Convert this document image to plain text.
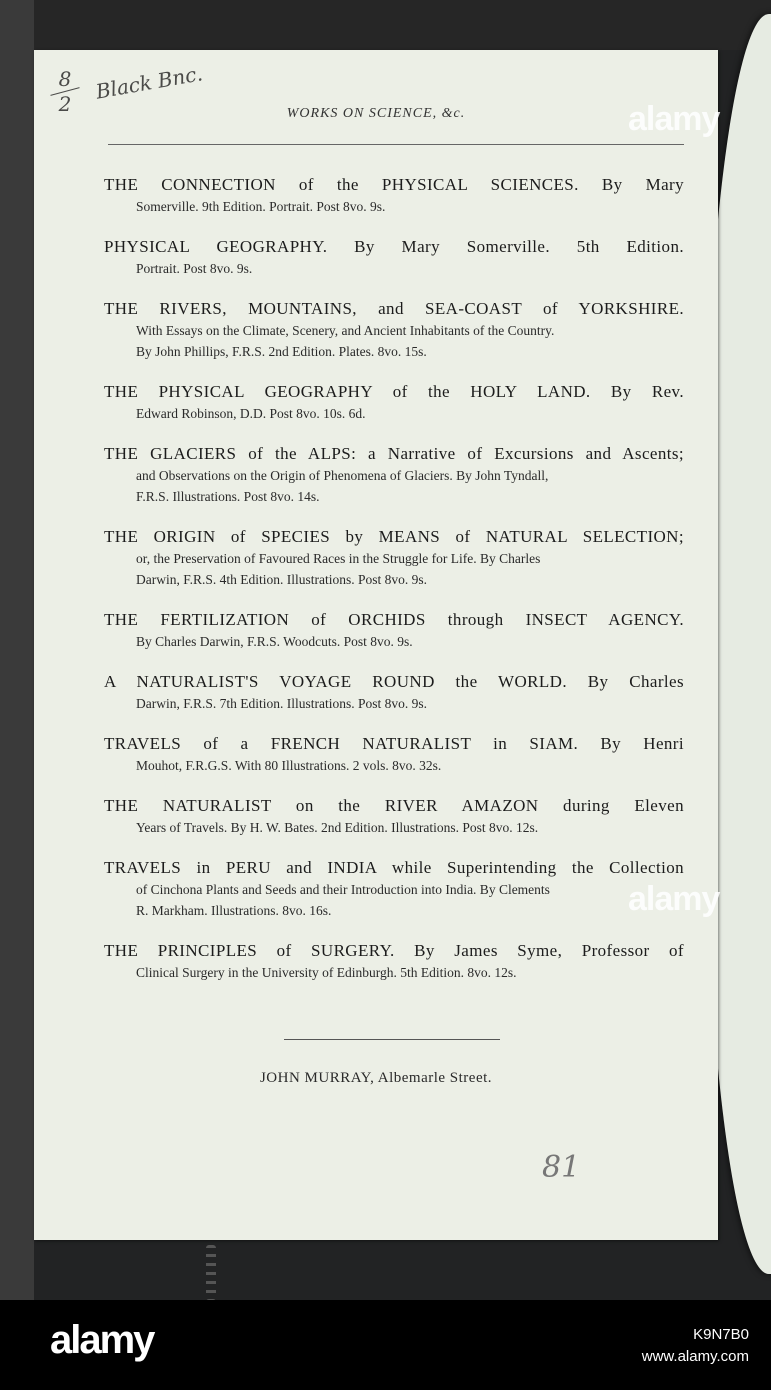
8
2
Black Bnc.
WORKS ON SCIENCE, &c.
THE CONNECTION of the PHYSICAL SCIENCES. By Mary
Somerville. 9th Edition. Portrait. Post 8vo. 9s.
PHYSICAL GEOGRAPHY. By Mary Somerville. 5th Edition.
Portrait. Post 8vo. 9s.
THE RIVERS, MOUNTAINS, and SEA-COAST of YORKSHIRE.
With Essays on the Climate, Scenery, and Ancient Inhabitants of the Country.
By John Phillips, F.R.S. 2nd Edition. Plates. 8vo. 15s.
THE PHYSICAL GEOGRAPHY of the HOLY LAND. By Rev.
Edward Robinson, D.D. Post 8vo. 10s. 6d.
THE GLACIERS of the ALPS: a Narrative of Excursions and Ascents;
and Observations on the Origin of Phenomena of Glaciers. By John Tyndall,
F.R.S. Illustrations. Post 8vo. 14s.
THE ORIGIN of SPECIES by MEANS of NATURAL SELECTION;
or, the Preservation of Favoured Races in the Struggle for Life. By Charles
Darwin, F.R.S. 4th Edition. Illustrations. Post 8vo. 9s.
THE FERTILIZATION of ORCHIDS through INSECT AGENCY.
By Charles Darwin, F.R.S. Woodcuts. Post 8vo. 9s.
A NATURALIST'S VOYAGE ROUND the WORLD. By Charles
Darwin, F.R.S. 7th Edition. Illustrations. Post 8vo. 9s.
TRAVELS of a FRENCH NATURALIST in SIAM. By Henri
Mouhot, F.R.G.S. With 80 Illustrations. 2 vols. 8vo. 32s.
THE NATURALIST on the RIVER AMAZON during Eleven
Years of Travels. By H. W. Bates. 2nd Edition. Illustrations. Post 8vo. 12s.
TRAVELS in PERU and INDIA while Superintending the Collection
of Cinchona Plants and Seeds and their Introduction into India. By Clements
R. Markham. Illustrations. 8vo. 16s.
THE PRINCIPLES of SURGERY. By James Syme, Professor of
Clinical Surgery in the University of Edinburgh. 5th Edition. 8vo. 12s.
JOHN MURRAY, Albemarle Street.
81
alamy
alamy
alamy	K9N7B0
www.alamy.com
